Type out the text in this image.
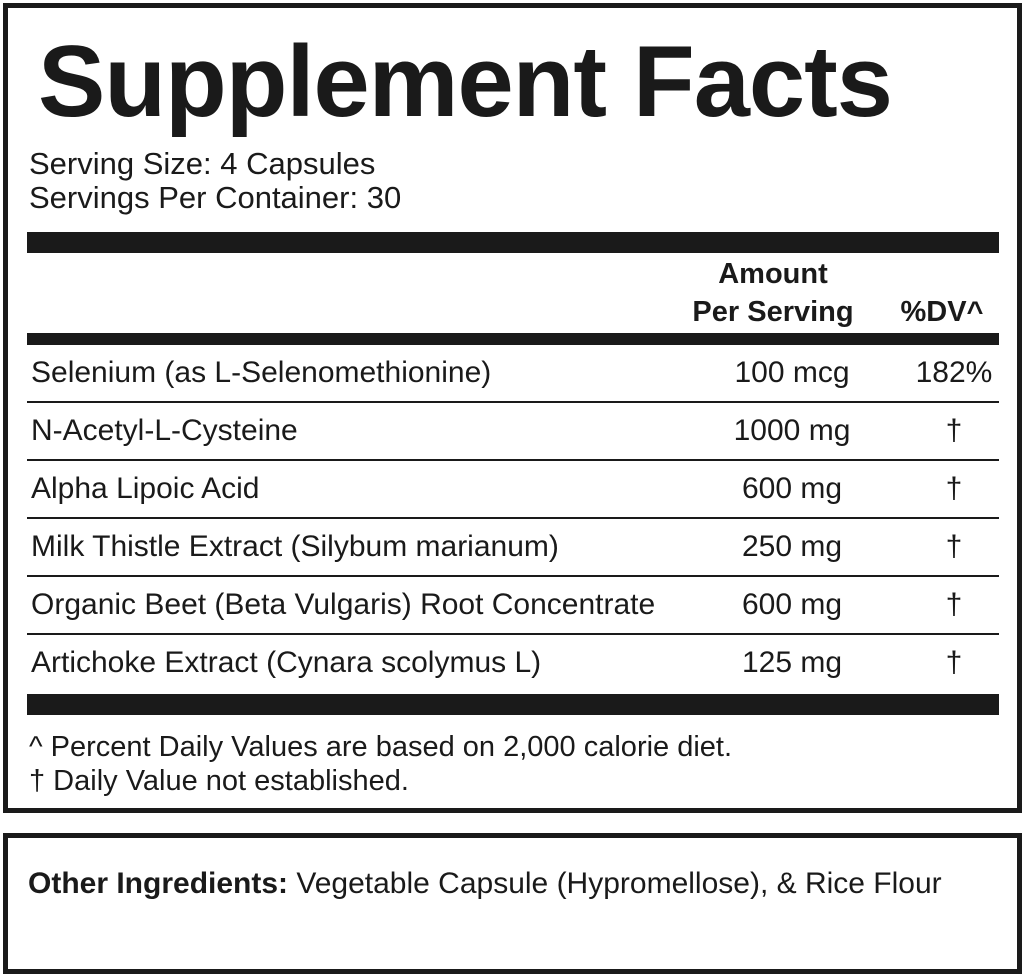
Supplement Facts
Serving Size: 4 Capsules
Servings Per Container: 30
Amount
Per Serving	%DV^
Selenium (as L-Selenomethionine)	100 mcg	182%
N-Acetyl-L-Cysteine	1000 mg	†
Alpha Lipoic Acid	600 mg	†
Milk Thistle Extract (Silybum marianum)	250 mg	†
Organic Beet (Beta Vulgaris) Root Concentrate	600 mg	†
Artichoke Extract (Cynara scolymus L)	125 mg	†
^ Percent Daily Values are based on 2,000 calorie diet.
† Daily Value not established.
Other Ingredients: Vegetable Capsule (Hypromellose), & Rice Flour
